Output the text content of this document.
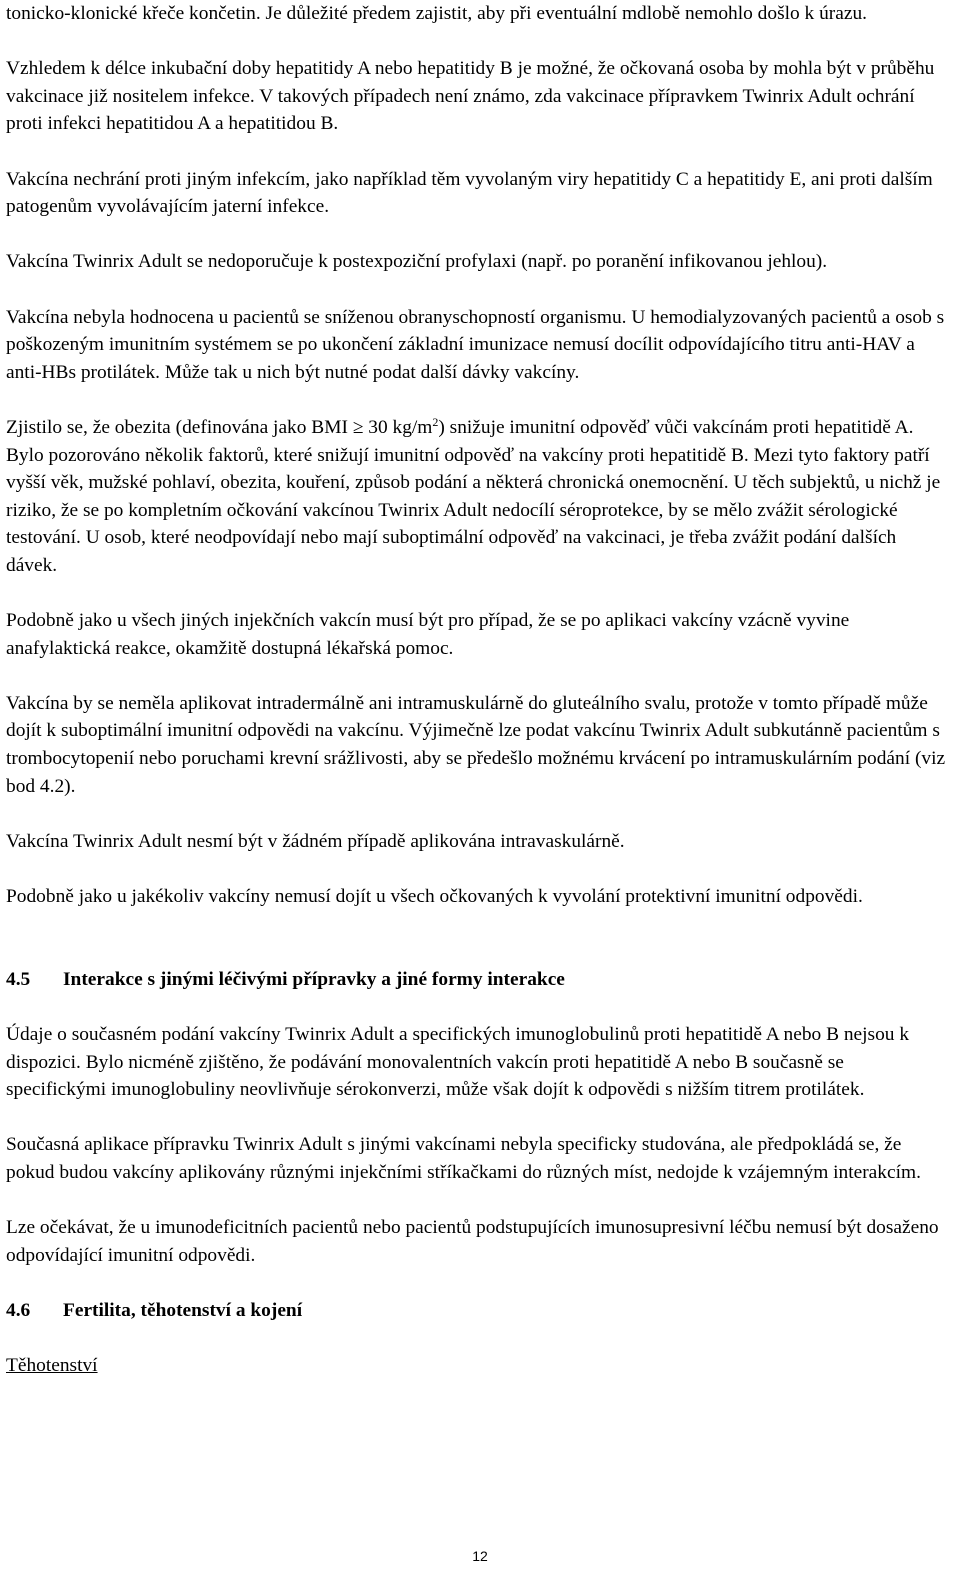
tonicko-klonické křeče končetin. Je důležité předem zajistit, aby při eventuální mdlobě nemohlo došlo k úrazu.

Vzhledem k délce inkubační doby hepatitidy A nebo hepatitidy B je možné, že očkovaná osoba by mohla být v průběhu vakcinace již nositelem infekce. V takových případech není známo, zda vakcinace přípravkem Twinrix Adult ochrání proti infekci hepatitidou A a hepatitidou B.

Vakcína nechrání proti jiným infekcím, jako například těm vyvolaným viry hepatitidy C a hepatitidy E, ani proti dalším patogenům vyvolávajícím jaterní infekce.

Vakcína Twinrix Adult se nedoporučuje k postexpoziční profylaxi (např. po poranění infikovanou jehlou).

Vakcína nebyla hodnocena u pacientů se sníženou obranyschopností organismu. U hemodialyzovaných pacientů a osob s poškozeným imunitním systémem se po ukončení základní imunizace nemusí docílit odpovídajícího titru anti-HAV a anti-HBs protilátek. Může tak u nich být nutné podat další dávky vakcíny.

Zjistilo se, že obezita (definována jako BMI ≥ 30 $kg/m^2$) snižuje imunitní odpověď vůči vakcínám proti hepatitidě A. Bylo pozorováno několik faktorů, které snižují imunitní odpověď na vakcíny proti hepatitidě B. Mezi tyto faktory patří vyšší věk, mužské pohlaví, obezita, kouření, způsob podání a některá chronická onemocnění. U těch subjektů, u nichž je riziko, že se po kompletním očkování vakcínou Twinrix Adult nedocílí séroprotekce, by se mělo zvážit sérologické testování. U osob, které neodpovídají nebo mají suboptimální odpověď na vakcinaci, je třeba zvážit podání dalších dávek.

Podobně jako u všech jiných injekčních vakcín musí být pro případ, že se po aplikaci vakcíny vzácně vyvine anafylaktická reakce, okamžitě dostupná lékařská pomoc.

Vakcína by se neměla aplikovat intradermálně ani intramuskulárně do gluteálního svalu, protože v tomto případě může dojít k suboptimální imunitní odpovědi na vakcínu. Výjimečně lze podat vakcínu Twinrix Adult subkutánně pacientům s trombocytopenií nebo poruchami krevní srážlivosti, aby se předešlo možnému krvácení po intramuskulárním podání (viz bod 4.2).

Vakcína Twinrix Adult nesmí být v žádném případě aplikována intravaskulárně.

Podobně jako u jakékoliv vakcíny nemusí dojít u všech očkovaných k vyvolání protektivní imunitní odpovědi.

4.5	Interakce s jinými léčivými přípravky a jiné formy interakce

Údaje o současném podání vakcíny Twinrix Adult a specifických imunoglobulinů proti hepatitidě A nebo B nejsou k dispozici. Bylo nicméně zjištěno, že podávání monovalentních vakcín proti hepatitidě A nebo B současně se specifickými imunoglobuliny neovlivňuje sérokonverzi, může však dojít k odpovědi s nižším titrem protilátek.

Současná aplikace přípravku Twinrix Adult s jinými vakcínami nebyla specificky studována, ale předpokládá se, že pokud budou vakcíny aplikovány různými injekčními stříkačkami do různých míst, nedojde k vzájemným interakcím.

Lze očekávat, že u imunodeficitních pacientů nebo pacientů podstupujících imunosupresivní léčbu nemusí být dosaženo odpovídající imunitní odpovědi.

4.6	Fertilita, těhotenství a kojení

Těhotenství

12
